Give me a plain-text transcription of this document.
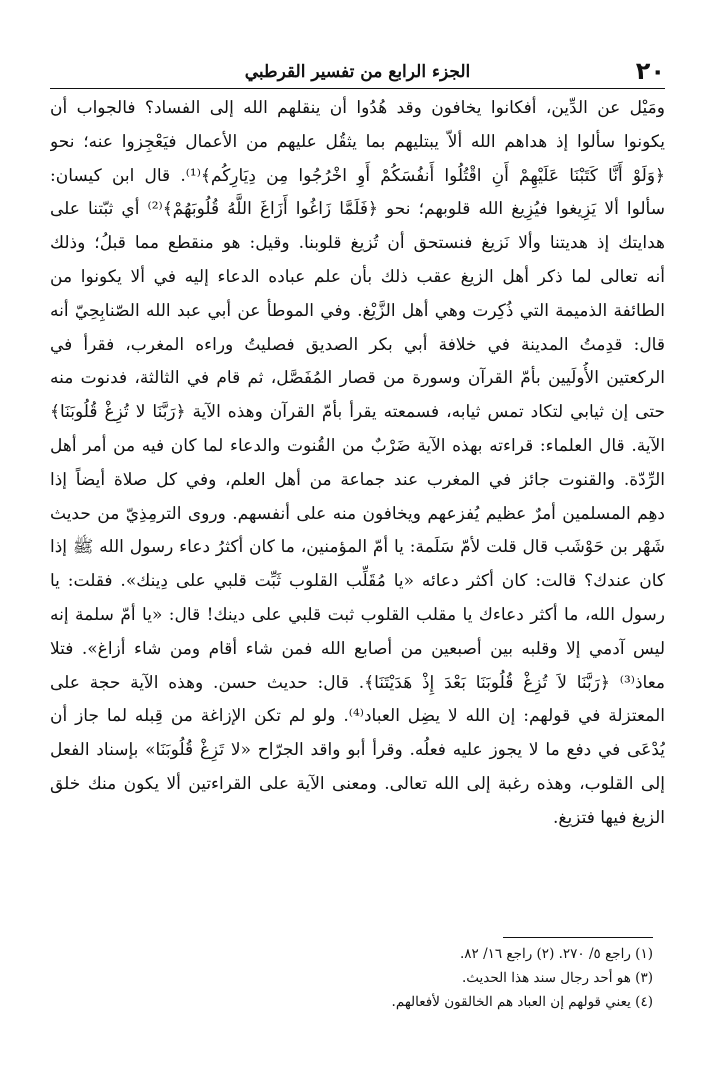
٢٠
الجزء الرابع من تفسير القرطبي
ومَيْل عن الدِّين، أفكانوا يخافون وقد هُدُوا أن ينقلهم الله إلى الفساد؟ فالجواب أن
يكونوا سألوا إذ هداهم الله ألاّ يبتليهم بما يثقُل عليهم من الأعمال فيَعْجِزوا عنه؛ نحو
﴿وَلَوْ أَنَّا كَتَبْنَا عَلَيْهِمْ أَنِ اقْتُلُوا أَنفُسَكُمْ أَوِ اخْرُجُوا مِن دِيَارِكُم﴾⁽¹⁾. قال ابن كيسان:
سألوا ألا يَزِيغوا فيُزِيغ الله قلوبهم؛ نحو ﴿فَلَمَّا زَاغُوا أَزَاغَ اللَّهُ قُلُوبَهُمْ﴾⁽²⁾ أي ثبّتنا على
هدايتك إذ هديتنا وألا نَزيغ فنستحق أن تُزيغ قلوبنا. وقيل: هو منقطع مما قبلُ؛ وذلك
أنه تعالى لما ذكر أهل الزيغ عقب ذلك بأن علم عباده الدعاء إليه في ألا يكونوا من
الطائفة الذميمة التي ذُكِرت وهي أهل الزَّيْغ. وفي الموطأ عن أبي عبد الله الصّنابِحِيّ أنه
قال: قدِمتُ المدينة في خلافة أبي بكر الصديق فصليتُ وراءه المغرب، فقرأ في
الركعتين الأُولَيين بأمّ القرآن وسورة من قصار المُفَصَّل، ثم قام في الثالثة، فدنوت منه
حتى إن ثيابي لتكاد تمس ثيابه، فسمعته يقرأ بأمّ القرآن وهذه الآية ﴿رَبَّنَا لا تُزِغْ قُلُوبَنَا﴾
الآية. قال العلماء: قراءته بهذه الآية ضَرْبٌ من القُنوت والدعاء لما كان فيه من أمر أهل
الرِّدّة. والقنوت جائز في المغرب عند جماعة من أهل العلم، وفي كل صلاة أيضاً إذا
دهِم المسلمين أمرٌ عظيم يُفزعهم ويخافون منه على أنفسهم. وروى الترمِذِيّ من حديث
شَهْر بن حَوْشَب قال قلت لأمّ سَلَمة: يا أمّ المؤمنين، ما كان أكثرُ دعاء رسول الله ﷺ إذا
كان عندك؟ قالت: كان أكثر دعائه «يا مُقَلِّب القلوب ثَبِّت قلبي على دِينك». فقلت: يا
رسول الله، ما أكثر دعاءك يا مقلب القلوب ثبت قلبي على دينك! قال: «يا أمّ سلمة إنه
ليس آدمي إلا وقلبه بين أصبعين من أصابع الله فمن شاء أقام ومن شاء أزاغ». فتلا
معاذ⁽³⁾ ﴿رَبَّنَا لاَ تُزِغْ قُلُوبَنَا بَعْدَ إِذْ هَدَيْتَنَا﴾. قال: حديث حسن. وهذه الآية حجة على
المعتزلة في قولهم: إن الله لا يضِل العباد⁽⁴⁾. ولو لم تكن الإزاغة من قِبله لما جاز أن
يُدْعَى في دفع ما لا يجوز عليه فعلُه. وقرأ أبو واقد الجرّاح «لا تَزِغْ قُلُوبَنَا» بإسناد الفعل
إلى القلوب، وهذه رغبة إلى الله تعالى. ومعنى الآية على القراءتين ألا يكون منك خلق
الزيغ فيها فتزيغ.
(١) راجع ٥/ ٢٧٠. (٢) راجع ١٦/ ٨٢.
(٣) هو أحد رجال سند هذا الحديث.
(٤) يعني قولهم إن العباد هم الخالقون لأفعالهم.
